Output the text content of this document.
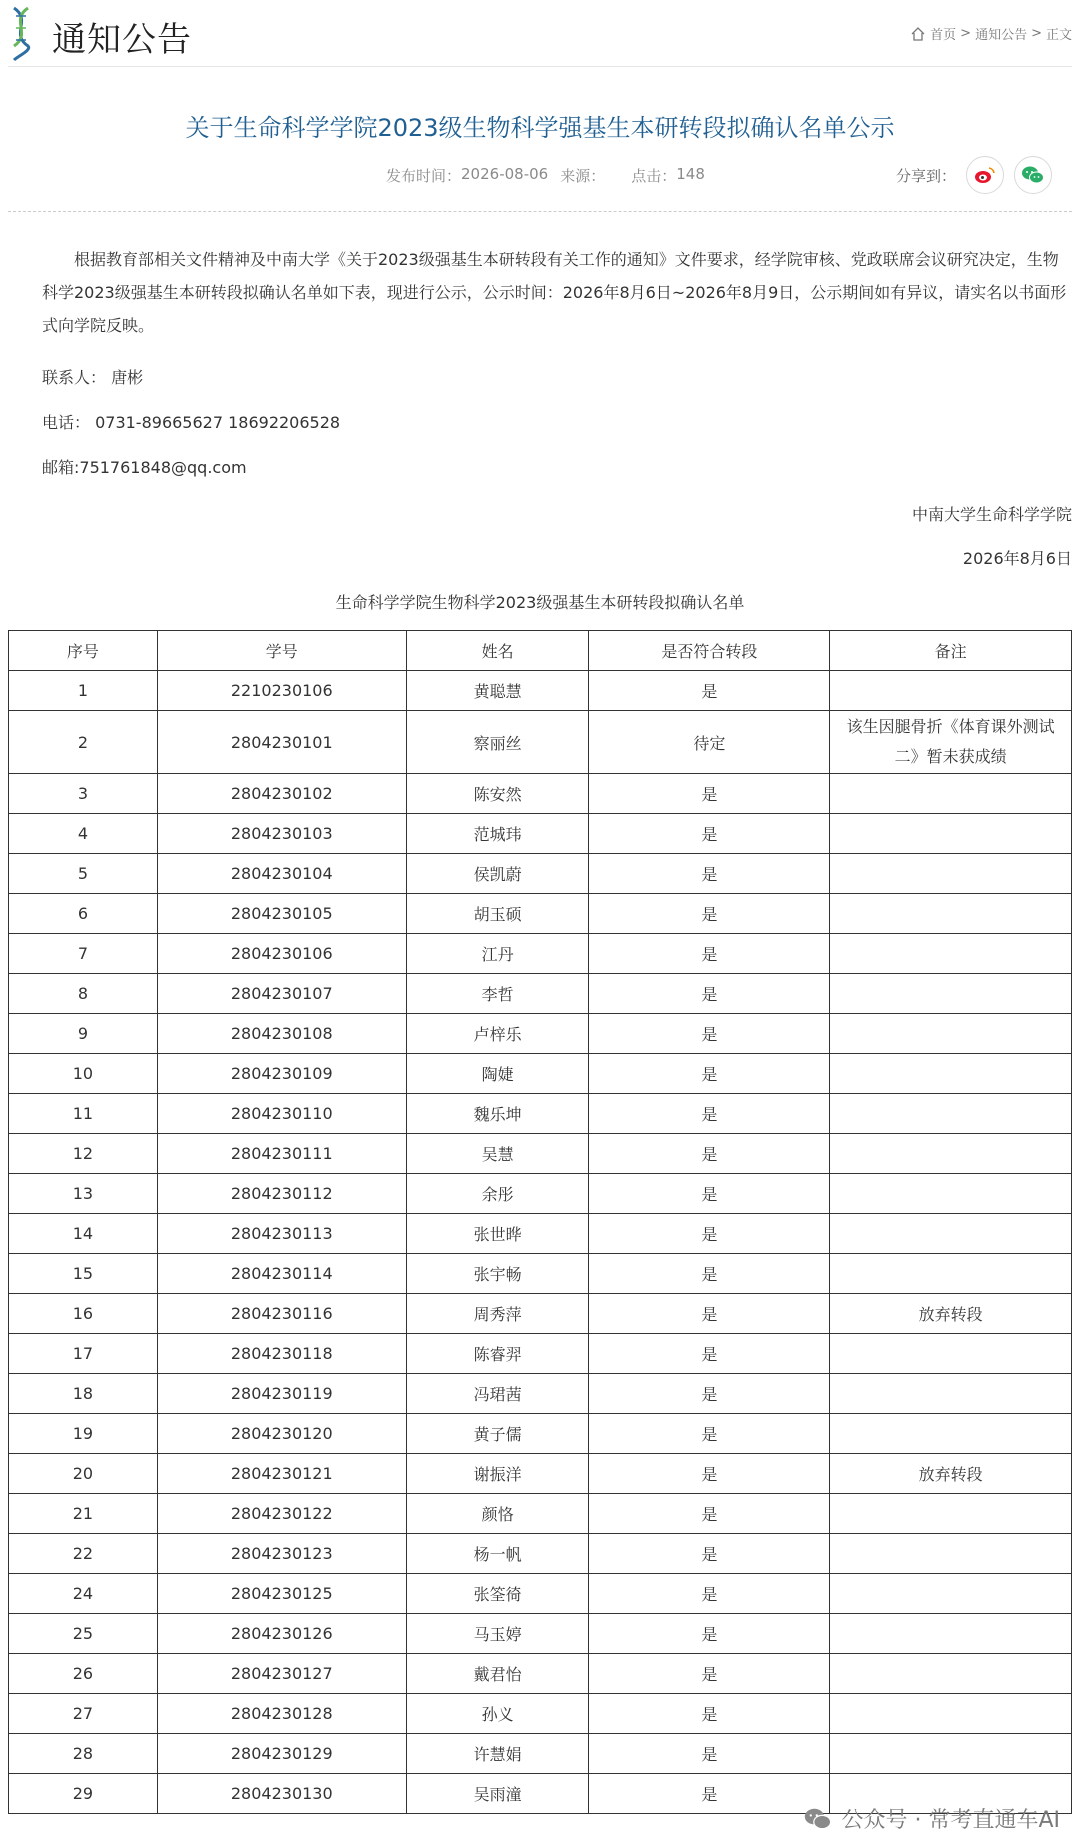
通知公告	首页 > 通知公告 > 正文
关于生命科学学院2023级生物科学强基生本研转段拟确认名单公示
发布时间： 2026-08-06 来源： 点击： 148	分享到：
根据教育部相关文件精神及中南大学《关于2023级强基生本研转段有关工作的通知》文件要求，经学院审核、党政联席会议研究决定，生物科学2023级强基生本研转段拟确认名单如下表，现进行公示，公示时间：2026年8月6日~2026年8月9日，公示期间如有异议，请实名以书面形式向学院反映。
联系人： 唐彬
电话： 0731-89665627 18692206528
邮箱:751761848@qq.com
中南大学生命科学学院
2026年8月6日
生命科学学院生物科学2023级强基生本研转段拟确认名单
序号	学号	姓名	是否符合转段	备注
1	2210230106	黄聪慧	是	
2	2804230101	察丽丝	待定	该生因腿骨折《体育课外测试二》暂未获成绩
3	2804230102	陈安然	是	
4	2804230103	范城玮	是	
5	2804230104	侯凯蔚	是	
6	2804230105	胡玉硕	是	
7	2804230106	江丹	是	
8	2804230107	李哲	是	
9	2804230108	卢梓乐	是	
10	2804230109	陶婕	是	
11	2804230110	魏乐坤	是	
12	2804230111	吴慧	是	
13	2804230112	余彤	是	
14	2804230113	张世晔	是	
15	2804230114	张宇畅	是	
16	2804230116	周秀萍	是	放弃转段
17	2804230118	陈睿羿	是	
18	2804230119	冯珺茜	是	
19	2804230120	黄子儒	是	
20	2804230121	谢振洋	是	放弃转段
21	2804230122	颜恪	是	
22	2804230123	杨一帆	是	
24	2804230125	张筌徛	是	
25	2804230126	马玉婷	是	
26	2804230127	戴君怡	是	
27	2804230128	孙义	是	
28	2804230129	许慧娟	是	
29	2804230130	吴雨潼	是	
公众号 · 常考直通车AI
